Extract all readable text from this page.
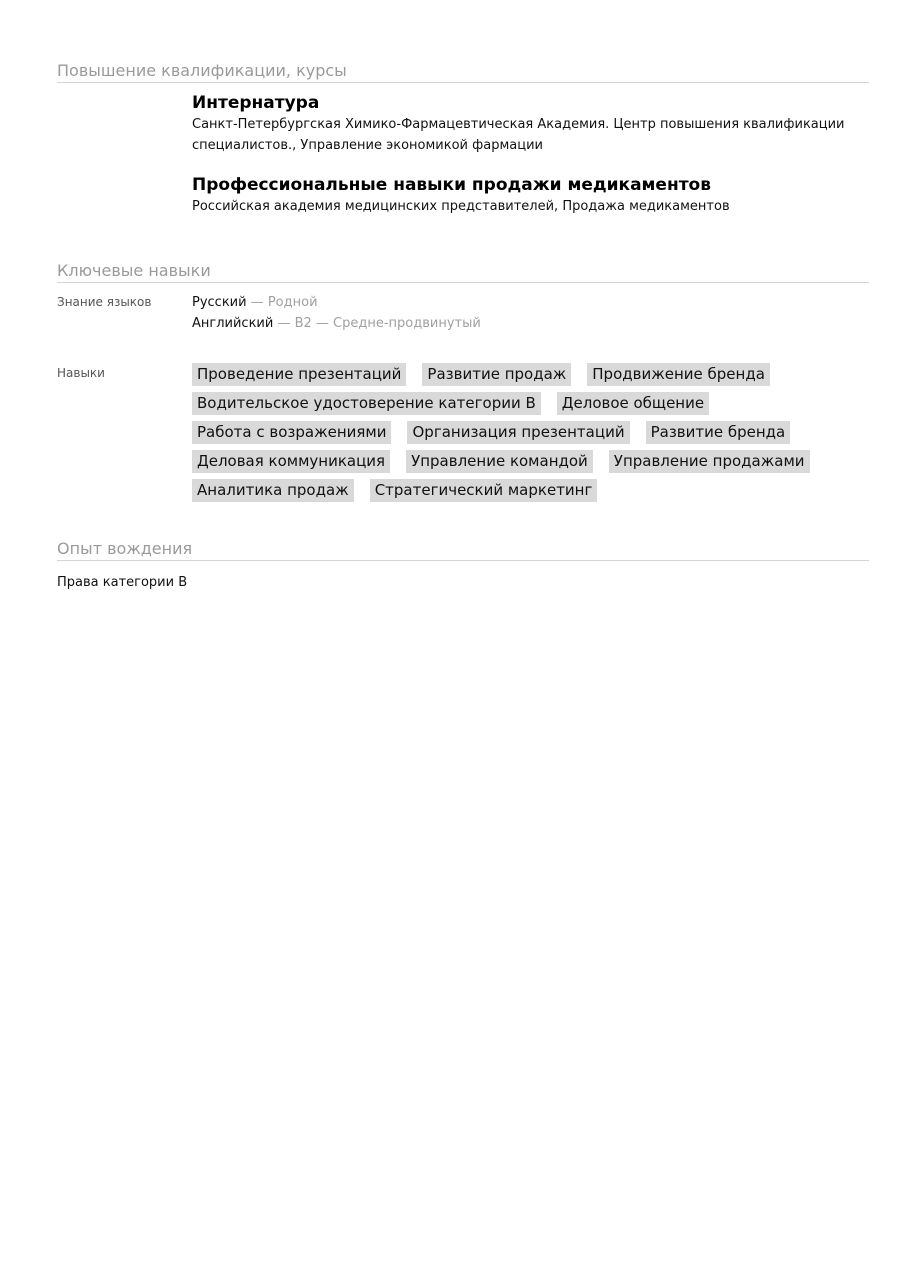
Повышение квалификации, курсы
Интернатура
Санкт-Петербургская Химико-Фармацевтическая Академия. Центр повышения квалификации специалистов., Управление экономикой фармации
Профессиональные навыки продажи медикаментов
Российская академия медицинских представителей, Продажа медикаментов
Ключевые навыки
Знание языков	Русский — Родной
Английский — B2 — Средне-продвинутый
Навыки	Проведение презентаций	Развитие продаж	Продвижение бренда
Водительское удостоверение категории B	Деловое общение
Работа с возражениями	Организация презентаций	Развитие бренда
Деловая коммуникация	Управление командой	Управление продажами
Аналитика продаж	Стратегический маркетинг
Опыт вождения
Права категории B
